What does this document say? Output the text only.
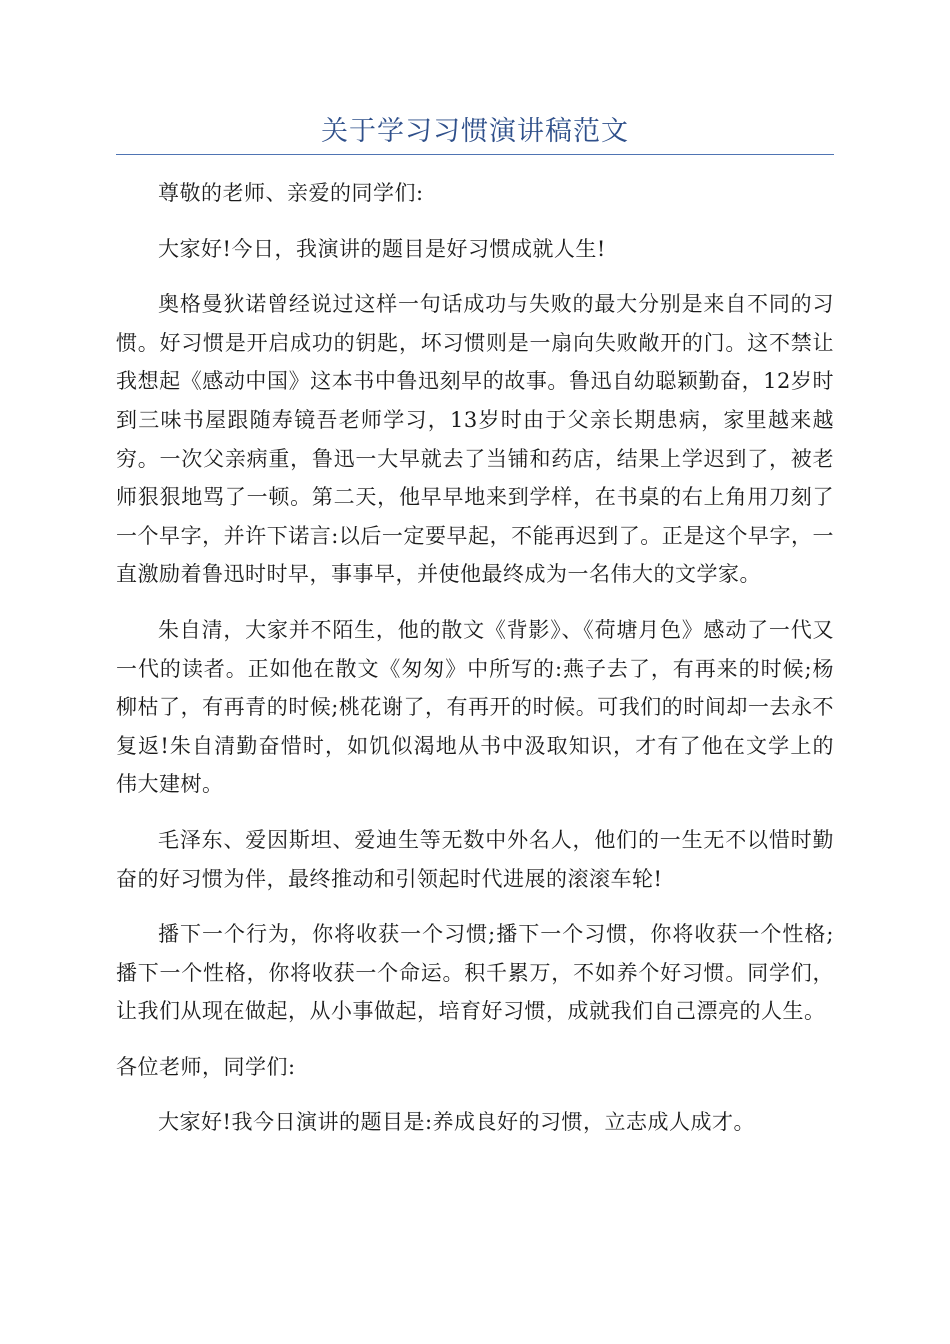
关于学习习惯演讲稿范文

尊敬的老师、亲爱的同学们:

大家好!今日，我演讲的题目是好习惯成就人生!

奥格曼狄诺曾经说过这样一句话成功与失败的最大分别是来自不同的习惯。好习惯是开启成功的钥匙，坏习惯则是一扇向失败敞开的门。这不禁让我想起《感动中国》这本书中鲁迅刻早的故事。鲁迅自幼聪颖勤奋，12岁时到三味书屋跟随寿镜吾老师学习，13岁时由于父亲长期患病，家里越来越穷。一次父亲病重，鲁迅一大早就去了当铺和药店，结果上学迟到了，被老师狠狠地骂了一顿。第二天，他早早地来到学样，在书桌的右上角用刀刻了一个早字，并许下诺言:以后一定要早起，不能再迟到了。正是这个早字，一直激励着鲁迅时时早，事事早，并使他最终成为一名伟大的文学家。

朱自清，大家并不陌生，他的散文《背影》、《荷塘月色》感动了一代又一代的读者。正如他在散文《匆匆》中所写的:燕子去了，有再来的时候;杨柳枯了，有再青的时候;桃花谢了，有再开的时候。可我们的时间却一去永不复返!朱自清勤奋惜时，如饥似渴地从书中汲取知识，才有了他在文学上的伟大建树。

毛泽东、爱因斯坦、爱迪生等无数中外名人，他们的一生无不以惜时勤奋的好习惯为伴，最终推动和引领起时代进展的滚滚车轮!

播下一个行为，你将收获一个习惯;播下一个习惯，你将收获一个性格;播下一个性格，你将收获一个命运。积千累万，不如养个好习惯。同学们，让我们从现在做起，从小事做起，培育好习惯，成就我们自己漂亮的人生。

各位老师，同学们:

大家好!我今日演讲的题目是:养成良好的习惯，立志成人成才。
